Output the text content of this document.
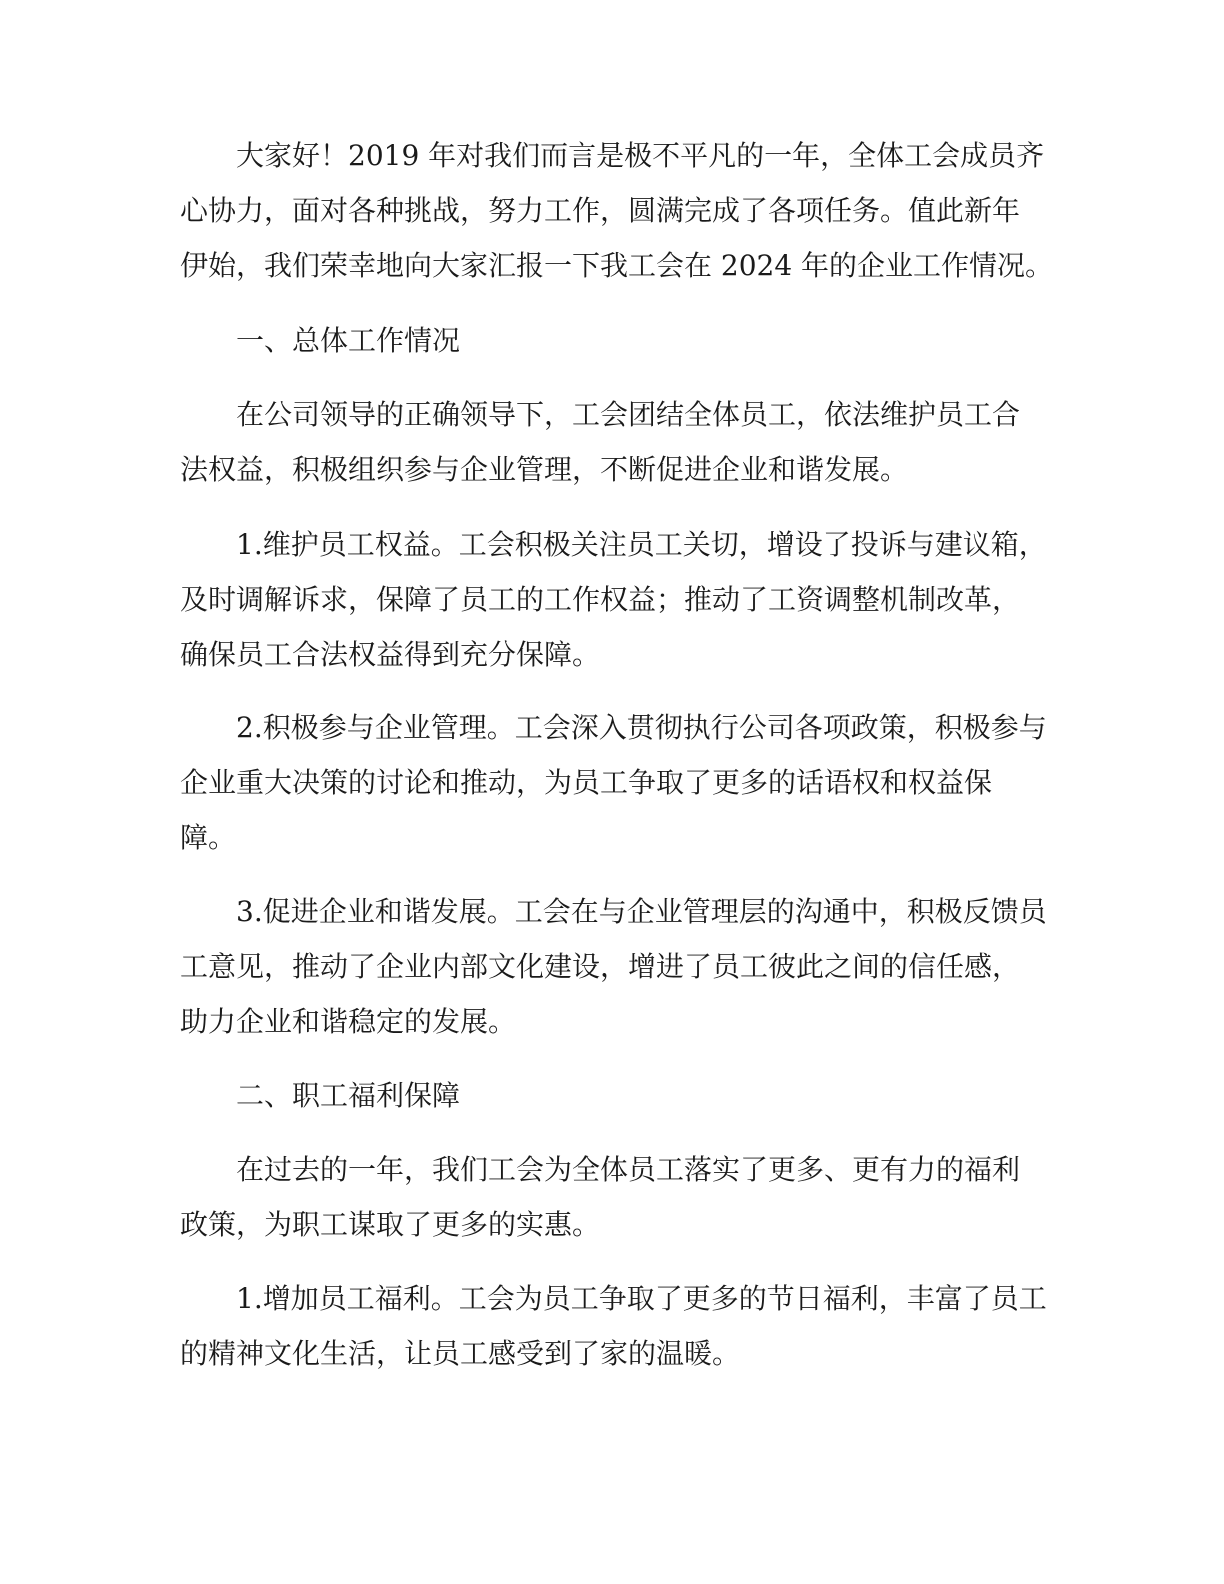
大家好！2019 年对我们而言是极不平凡的一年，全体工会成员齐
心协力，面对各种挑战，努力工作，圆满完成了各项任务。值此新年
伊始，我们荣幸地向大家汇报一下我工会在 2024 年的企业工作情况。
一、总体工作情况
在公司领导的正确领导下，工会团结全体员工，依法维护员工合
法权益，积极组织参与企业管理，不断促进企业和谐发展。
1.维护员工权益。工会积极关注员工关切，增设了投诉与建议箱，
及时调解诉求，保障了员工的工作权益；推动了工资调整机制改革，
确保员工合法权益得到充分保障。
2.积极参与企业管理。工会深入贯彻执行公司各项政策，积极参与
企业重大决策的讨论和推动，为员工争取了更多的话语权和权益保
障。
3.促进企业和谐发展。工会在与企业管理层的沟通中，积极反馈员
工意见，推动了企业内部文化建设，增进了员工彼此之间的信任感，
助力企业和谐稳定的发展。
二、职工福利保障
在过去的一年，我们工会为全体员工落实了更多、更有力的福利
政策，为职工谋取了更多的实惠。
1.增加员工福利。工会为员工争取了更多的节日福利，丰富了员工
的精神文化生活，让员工感受到了家的温暖。
